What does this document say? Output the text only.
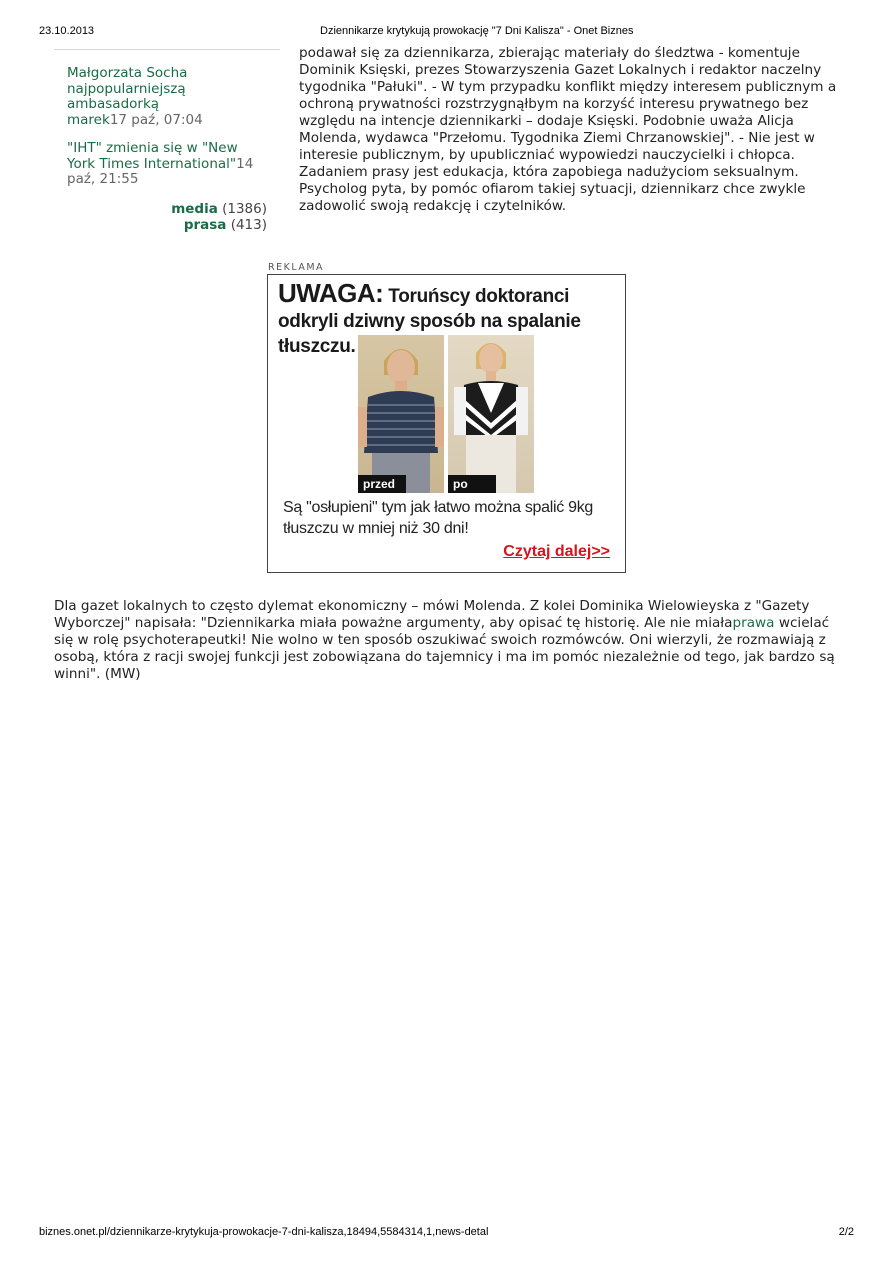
23.10.2013	Dziennikarze krytykują prowokację "7 Dni Kalisza" - Onet Biznes
Małgorzata Socha najpopularniejszą ambasadorką
marek17 paź, 07:04
"IHT" zmienia się w "New York Times International"14 paź, 21:55
media (1386)
prasa (413)

podawał się za dziennikarza, zbierając materiały do śledztwa - komentuje Dominik Księski, prezes Stowarzyszenia Gazet Lokalnych i redaktor naczelny tygodnika "Pałuki". - W tym przypadku konflikt między interesem publicznym a ochroną prywatności rozstrzygnąłbym na korzyść interesu prywatnego bez względu na intencje dziennikarki – dodaje Księski. Podobnie uważa Alicja Molenda, wydawca "Przełomu. Tygodnika Ziemi Chrzanowskiej". - Nie jest w interesie publicznym, by upubliczniać wypowiedzi nauczycielki i chłopca. Zadaniem prasy jest edukacja, która zapobiega nadużyciom seksualnym. Psycholog pyta, by pomóc ofiarom takiej sytuacji, dziennikarz chce zwykle zadowolić swoją redakcję i czytelników.

REKLAMA
UWAGA: Toruńscy doktoranci odkryli dziwny sposób na spalanie tłuszczu.
przed	po
Są "osłupieni" tym jak łatwo można spalić 9kg tłuszczu w mniej niż 30 dni!
Czytaj dalej>>

Dla gazet lokalnych to często dylemat ekonomiczny – mówi Molenda. Z kolei Dominika Wielowieyska z "Gazety Wyborczej" napisała: "Dziennikarka miała poważne argumenty, aby opisać tę historię. Ale nie miałaprawa wcielać się w rolę psychoterapeutki! Nie wolno w ten sposób oszukiwać swoich rozmówców. Oni wierzyli, że rozmawiają z osobą, która z racji swojej funkcji jest zobowiązana do tajemnicy i ma im pomóc niezależnie od tego, jak bardzo są winni". (MW)

biznes.onet.pl/dziennikarze-krytykuja-prowokacje-7-dni-kalisza,18494,5584314,1,news-detal	2/2
